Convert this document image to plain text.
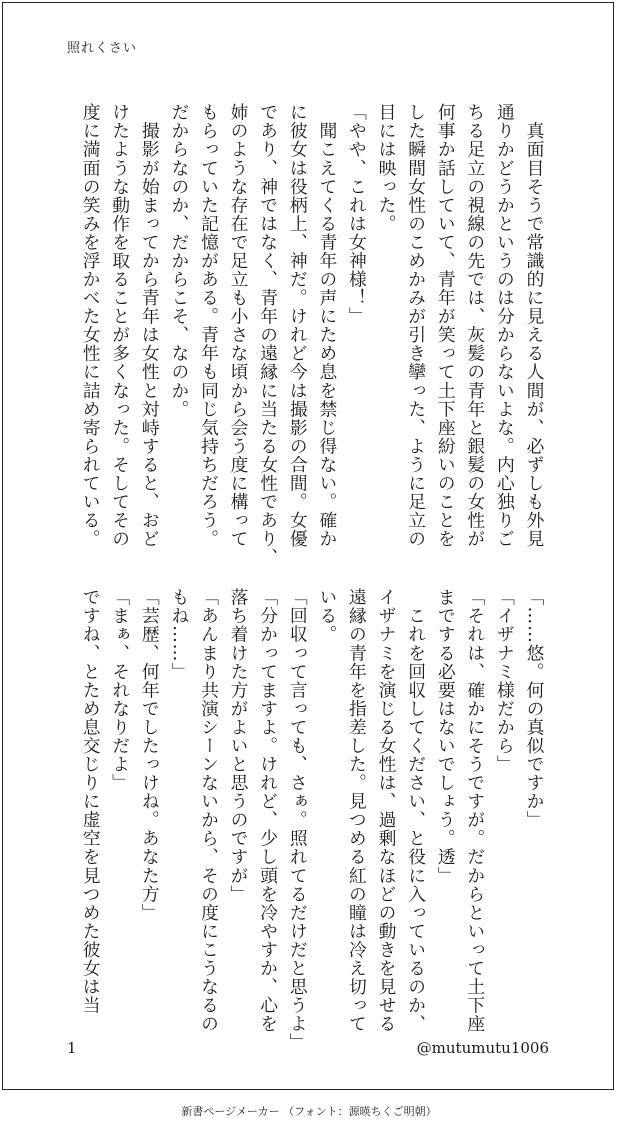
照れくさい

　真面目そうで常識的に見える人間が、必ずしも外見

通りかどうかというのは分からないよな。内心独りご

ちる足立の視線の先では、灰髪の青年と銀髪の女性が

何事か話していて、青年が笑って土下座紛いのことを

した瞬間女性のこめかみが引き攣った、ように足立の

目には映った。

「やや、これは女神様！」

　聞こえてくる青年の声にため息を禁じ得ない。確か

に彼女は役柄上、神だ。けれど今は撮影の合間。女優

であり、神ではなく、青年の遠縁に当たる女性であり、

姉のような存在で足立も小さな頃から会う度に構って

もらっていた記憶がある。青年も同じ気持ちだろう。

だからなのか、だからこそ、なのか。

　撮影が始まってから青年は女性と対峙すると、おど

けたような動作を取ることが多くなった。そしてその

度に満面の笑みを浮かべた女性に詰め寄られている。

「……悠。何の真似ですか」

「イザナミ様だから」

「それは、確かにそうですが。だからといって土下座

までする必要はないでしょう。透」

　これを回収してください、と役に入っているのか、

イザナミを演じる女性は、過剰なほどの動きを見せる

遠縁の青年を指差した。見つめる紅の瞳は冷え切って

いる。

「回収って言っても、さぁ。照れてるだけだと思うよ」

「分かってますよ。けれど、少し頭を冷やすか、心を

落ち着けた方がよいと思うのですが」

「あんまり共演シーンないから、その度にこうなるの

もね……」

「芸歴、何年でしたっけね。あなた方」

「まぁ、それなりだよ」

ですね、とため息交じりに虚空を見つめた彼女は当

1	@mutumutu1006
新書ページメーカー （フォント：源暎ちくご明朝）
